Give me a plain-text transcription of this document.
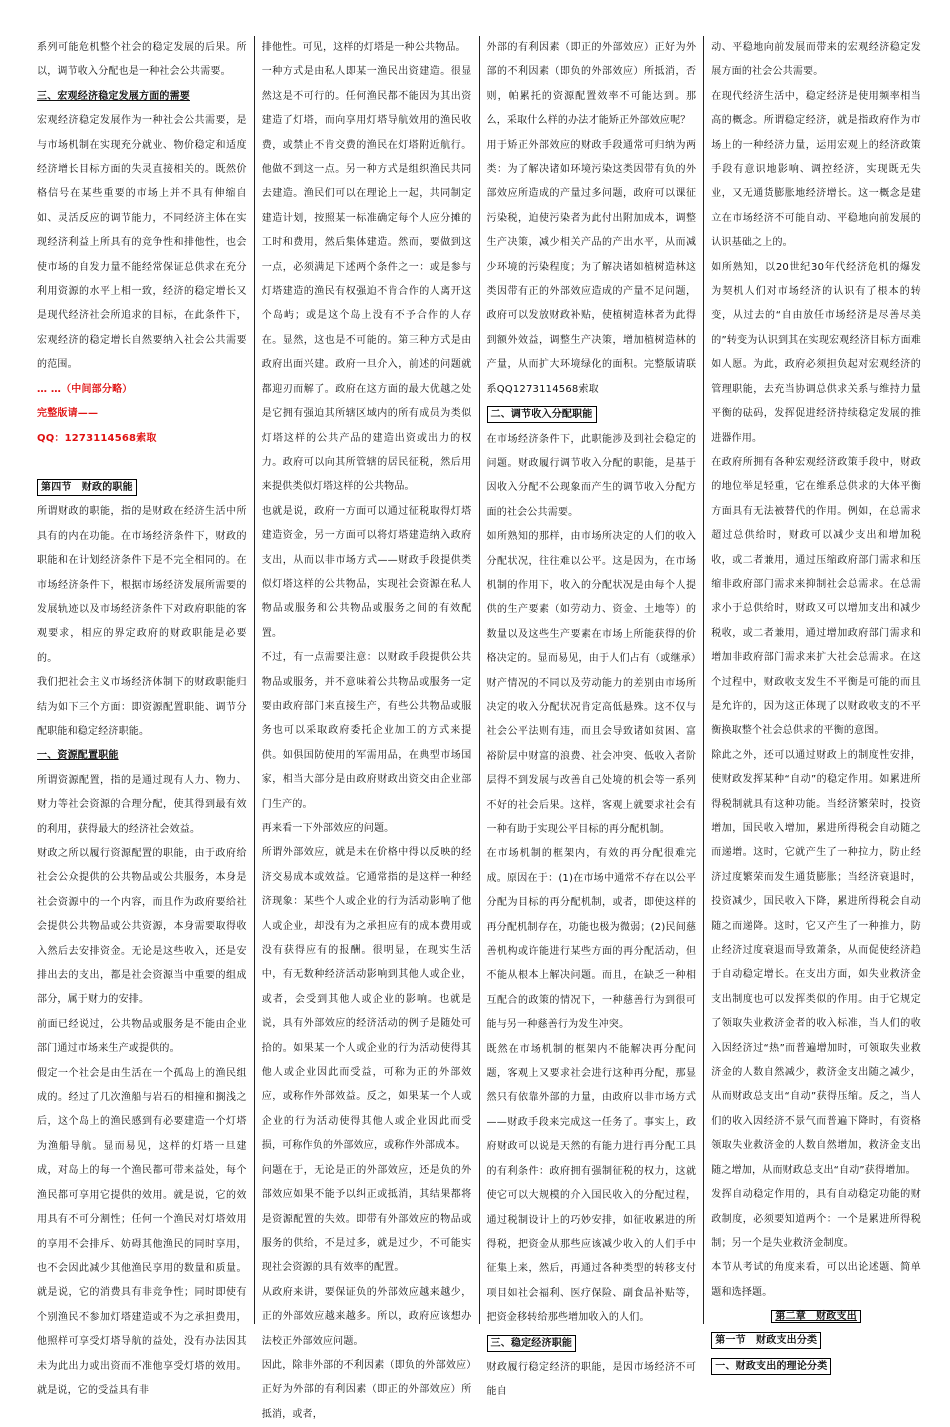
系列可能危机整个社会的稳定发展的后果。所以，调节收入分配也是一种社会公共需要。

三、宏观经济稳定发展方面的需要

宏观经济稳定发展作为一种社会公共需要，是与市场机制在实现充分就业、物价稳定和适度经济增长目标方面的失灵直接相关的。既然价格信号在某些重要的市场上并不具有伸缩自如、灵活反应的调节能力，不同经济主体在实现经济利益上所具有的竞争性和排他性，也会使市场的自发力量不能经常保证总供求在充分利用资源的水平上相一致，经济的稳定增长又是现代经济社会所追求的目标，在此条件下，宏观经济的稳定增长自然要纳入社会公共需要的范围。

… …（中间部分略）

完整版请——

QQ：1273114568索取

第四节　财政的职能

所谓财政的职能，指的是财政在经济生活中所具有的内在功能。在市场经济条件下，财政的职能和在计划经济条件下是不完全相同的。在市场经济条件下，根据市场经济发展所需要的发展轨迹以及市场经济条件下对政府职能的客观要求，相应的界定政府的财政职能是必要的。

我们把社会主义市场经济体制下的财政职能归结为如下三个方面：即资源配置职能、调节分配职能和稳定经济职能。

一、资源配置职能

所谓资源配置，指的是通过现有人力、物力、财力等社会资源的合理分配，使其得到最有效的利用，获得最大的经济社会效益。

财政之所以履行资源配置的职能，由于政府给社会公众提供的公共物品或公共服务，本身是社会资源中的一个内容，而且作为政府要给社会提供公共物品或公共资源，本身需要取得收入然后去安排资金。无论是这些收入，还是安排出去的支出，都是社会资源当中重要的组成部分，属于财力的安排。

前面已经说过，公共物品或服务是不能由企业部门通过市场来生产或提供的。

假定一个社会是由生活在一个孤岛上的渔民组成的。经过了几次渔船与岩石的相撞和搁浅之后，这个岛上的渔民感到有必要建造一个灯塔为渔船导航。显而易见，这样的灯塔一旦建成，对岛上的每一个渔民都可带来益处，每个渔民都可享用它提供的效用。就是说，它的效用具有不可分割性；任何一个渔民对灯塔效用的享用不会排斥、妨碍其他渔民的同时享用，也不会因此减少其他渔民享用的数量和质量。就是说，它的消费具有非竞争性；同时即使有个别渔民不参加灯塔建造或不为之承担费用，他照样可享受灯塔导航的益处，没有办法因其未为此出力或出资而不准他享受灯塔的效用。就是说，它的受益具有非

排他性。可见，这样的灯塔是一种公共物品。

一种方式是由私人即某一渔民出资建造。很显然这是不可行的。任何渔民都不能因为其出资建造了灯塔，而向享用灯塔导航效用的渔民收费，或禁止不肯交费的渔民在灯塔附近航行。他做不到这一点。另一种方式是组织渔民共同去建造。渔民们可以在理论上一起，共同制定建造计划，按照某一标准确定每个人应分摊的工时和费用，然后集体建造。然而，要做到这一点，必须满足下述两个条件之一：或是参与灯塔建造的渔民有权强迫不肯合作的人离开这个岛屿；或是这个岛上没有不予合作的人存在。显然，这也是不可能的。第三种方式是由政府出面兴建。政府一旦介入，前述的问题就都迎刃而解了。政府在这方面的最大优越之处是它拥有强迫其所辖区域内的所有成员为类似灯塔这样的公共产品的建造出资或出力的权力。政府可以向其所管辖的居民征税，然后用来提供类似灯塔这样的公共物品。

也就是说，政府一方面可以通过征税取得灯塔建造资金，另一方面可以将灯塔建造纳入政府支出，从而以非市场方式——财政手段提供类似灯塔这样的公共物品，实现社会资源在私人物品或服务和公共物品或服务之间的有效配置。

不过，有一点需要注意：以财政手段提供公共物品或服务，并不意味着公共物品或服务一定要由政府部门来直接生产，有些公共物品或服务也可以采取政府委托企业加工的方式来提供。如俱国防使用的军需用品，在典型市场国家，相当大部分是由政府财政出资交由企业部门生产的。

再来看一下外部效应的问题。

所谓外部效应，就是未在价格中得以反映的经济交易成本或效益。它通常指的是这样一种经济现象：某些个人或企业的行为活动影响了他人或企业，却没有为之承担应有的成本费用或没有获得应有的报酬。很明显，在现实生活中，有无数种经济活动影响到其他人或企业，或者，会受到其他人或企业的影响。也就是说，具有外部效应的经济活动的例子是随处可拾的。如果某一个人或企业的行为活动使得其他人或企业因此而受益，可称为正的外部效应，或称作外部效益。反之，如果某一个人或企业的行为活动使得其他人或企业因此而受损，可称作负的外部效应，或称作外部成本。

问题在于，无论是正的外部效应，还是负的外部效应如果不能予以纠正或抵消，其结果都将是资源配置的失效。即带有外部效应的物品或服务的供给，不是过多，就是过少，不可能实现社会资源的具有效率的配置。

从政府来讲，要保证负的外部效应越来越少，正的外部效应越来越多。所以，政府应该想办法校正外部效应问题。

因此，除非外部的不利因素（即负的外部效应）正好为外部的有利因素（即正的外部效应）所抵消，或者，

外部的有利因素（即正的外部效应）正好为外部的不利因素（即负的外部效应）所抵消，否则，帕累托的资源配置效率不可能达到。那么，采取什么样的办法才能矫正外部效应呢？

用于矫正外部效应的财政手段通常可归纳为两类：为了解决诸如环境污染这类因带有负的外部效应所造成的产量过多问题，政府可以课征污染税，迫使污染者为此付出附加成本，调整生产决策，减少相关产品的产出水平，从而减少环境的污染程度；为了解决诸如植树造林这类因带有正的外部效应造成的产量不足问题，政府可以发放财政补贴，使植树造林者为此得到额外效益，调整生产决策，增加植树造林的产量，从而扩大环境绿化的面积。完整版请联系QQ1273114568索取

二、调节收入分配职能

在市场经济条件下，此职能涉及到社会稳定的问题。财政履行调节收入分配的职能，是基于因收入分配不公现象而产生的调节收入分配方面的社会公共需要。

如所熟知的那样，由市场所决定的人们的收入分配状况，往往难以公平。这是因为，在市场机制的作用下，收入的分配状况是由每个人提供的生产要素（如劳动力、资金、土地等）的数量以及这些生产要素在市场上所能获得的价格决定的。显而易见，由于人们占有（或继承）财产情况的不同以及劳动能力的差别由市场所决定的收入分配状况肯定高低悬殊。这不仅与社会公平法则有违，而且会导致诸如贫困、富裕阶层中财富的浪费、社会冲突、低收入者阶层得不到发展与改善自己处境的机会等一系列不好的社会后果。这样，客观上就要求社会有一种有助于实现公平目标的再分配机制。

在市场机制的框架内，有效的再分配很难完成。原因在于：(1)在市场中通常不存在以公平分配为目标的再分配机制，或者，即使这样的再分配机制存在，功能也极为微弱；(2)民间慈善机构或许能进行某些方面的再分配活动，但不能从根本上解决问题。而且，在缺乏一种相互配合的政策的情况下，一种慈善行为到很可能与另一种慈善行为发生冲突。

既然在市场机制的框架内不能解决再分配问题，客观上又要求社会进行这种再分配，那显然只有依靠外部的力量，由政府以非市场方式——财政手段来完成这一任务了。事实上，政府财政可以说是天然的有能力进行再分配工具的有利条件：政府拥有强制征税的权力，这就使它可以大规模的介入国民收入的分配过程，通过税制设计上的巧妙安排，如征收累进的所得税，把资金从那些应该减少收入的人们手中征集上来，然后，再通过各种类型的转移支付项目如社会福利、医疗保险、副食品补贴等，把资金移转给那些增加收入的人们。

三、稳定经济职能

财政履行稳定经济的职能，是因市场经济不可能自

动、平稳地向前发展而带来的宏观经济稳定发展方面的社会公共需要。

在现代经济生活中，稳定经济是使用频率相当高的概念。所谓稳定经济，就是指政府作为市场上的一种经济力量，运用宏观上的经济政策手段有意识地影响、调控经济，实现既无失业，又无通货膨胀地经济增长。这一概念是建立在市场经济不可能自动、平稳地向前发展的认识基础之上的。

如所熟知，以20世纪30年代经济危机的爆发为契机人们对市场经济的认识有了根本的转变，从过去的“自由放任市场经济是尽善尽美的”转变为认识到其在实现宏观经济目标方面难如人愿。为此，政府必须担负起对宏观经济的管理职能，去充当协调总供求关系与维持力量平衡的砝码，发挥促进经济持续稳定发展的推进器作用。

在政府所拥有各种宏观经济政策手段中，财政的地位举足轻重，它在维系总供求的大体平衡方面具有无法被替代的作用。例如，在总需求超过总供给时，财政可以减少支出和增加税收，或二者兼用，通过压缩政府部门需求和压缩非政府部门需求来抑制社会总需求。在总需求小于总供给时，财政又可以增加支出和减少税收，或二者兼用，通过增加政府部门需求和增加非政府部门需求来扩大社会总需求。在这个过程中，财政收支发生不平衡是可能的而且是允许的，因为这正体现了以财政收支的不平衡换取整个社会总供求的平衡的意图。

除此之外，还可以通过财政上的制度性安排，使财政发挥某种“自动”的稳定作用。如累进所得税制就具有这种功能。当经济繁荣时，投资增加，国民收入增加，累进所得税会自动随之而递增。这时，它就产生了一种拉力，防止经济过度繁荣而发生通货膨胀；当经济衰退时，投资减少，国民收入下降，累进所得税会自动随之而递降。这时，它又产生了一种推力，防止经济过度衰退而导致萧条，从而促使经济趋于自动稳定增长。在支出方面，如失业救济金支出制度也可以发挥类似的作用。由于它规定了领取失业救济金者的收入标准，当人们的收入因经济过“热”而普遍增加时，可领取失业救济金的人数自然减少，救济金支出随之减少，从而财政总支出“自动”获得压缩。反之，当人们的收入因经济不景气而普遍下降时，有资格领取失业救济金的人数自然增加，救济金支出随之增加，从而财政总支出“自动”获得增加。

发挥自动稳定作用的，具有自动稳定功能的财政制度，必须要知道两个：一个是累进所得税制；另一个是失业救济金制度。

本节从考试的角度来看，可以出论述题、简单题和选择题。

第二章　财政支出
第一节　财政支出分类 一、财政支出的理论分类
